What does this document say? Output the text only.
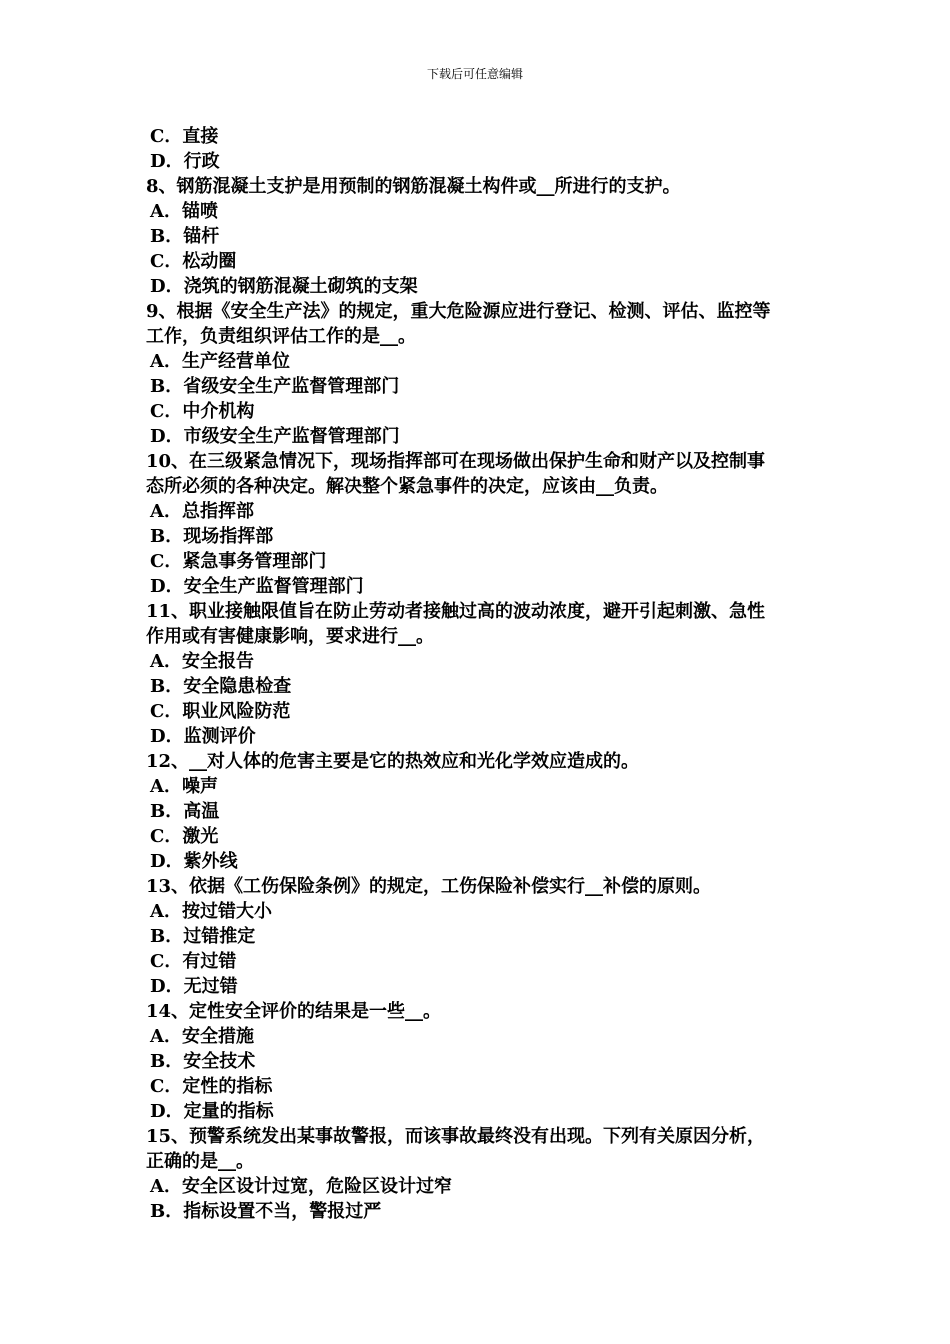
下载后可任意编辑
C．直接
D．行政
8、钢筋混凝土支护是用预制的钢筋混凝土构件或__所进行的支护。
A．锚喷
B．锚杆
C．松动圈
D．浇筑的钢筋混凝土砌筑的支架
9、根据《安全生产法》的规定，重大危险源应进行登记、检测、评估、监控等
工作，负责组织评估工作的是__。
A．生产经营单位
B．省级安全生产监督管理部门
C．中介机构
D．市级安全生产监督管理部门
10、在三级紧急情况下，现场指挥部可在现场做出保护生命和财产以及控制事
态所必须的各种决定。解决整个紧急事件的决定，应该由__负责。
A．总指挥部
B．现场指挥部
C．紧急事务管理部门
D．安全生产监督管理部门
11、职业接触限值旨在防止劳动者接触过高的波动浓度，避开引起刺激、急性
作用或有害健康影响，要求进行__。
A．安全报告
B．安全隐患检查
C．职业风险防范
D．监测评价
12、__对人体的危害主要是它的热效应和光化学效应造成的。
A．噪声
B．高温
C．激光
D．紫外线
13、依据《工伤保险条例》的规定，工伤保险补偿实行__补偿的原则。
A．按过错大小
B．过错推定
C．有过错
D．无过错
14、定性安全评价的结果是一些__。
A．安全措施
B．安全技术
C．定性的指标
D．定量的指标
15、预警系统发出某事故警报，而该事故最终没有出现。下列有关原因分析，
正确的是__。
A．安全区设计过宽，危险区设计过窄
B．指标设置不当，警报过严
